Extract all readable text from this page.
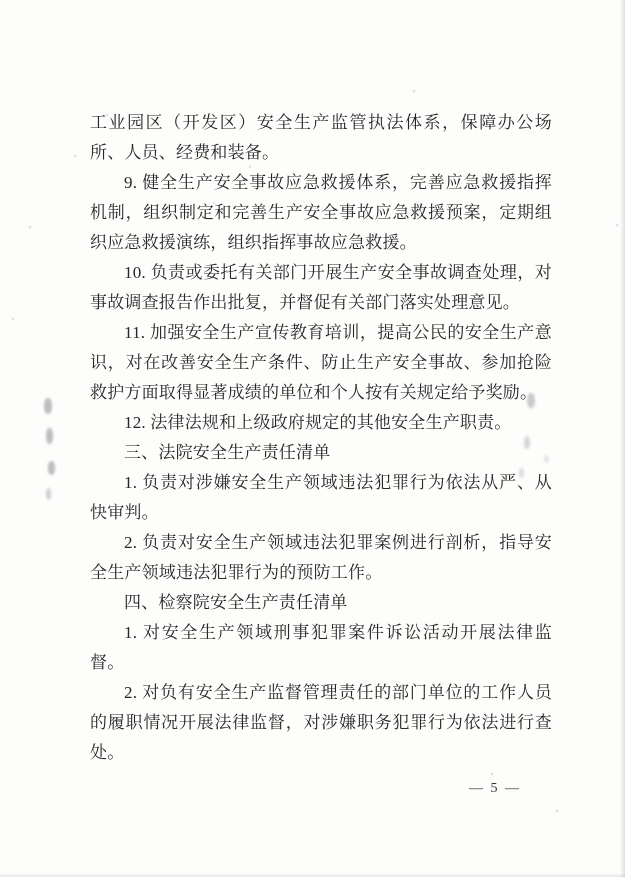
工业园区（开发区）安全生产监管执法体系，保障办公场所、人员、经费和装备。

9. 健全生产安全事故应急救援体系，完善应急救援指挥机制，组织制定和完善生产安全事故应急救援预案，定期组织应急救援演练，组织指挥事故应急救援。

10. 负责或委托有关部门开展生产安全事故调查处理，对事故调查报告作出批复，并督促有关部门落实处理意见。

11. 加强安全生产宣传教育培训，提高公民的安全生产意识，对在改善安全生产条件、防止生产安全事故、参加抢险救护方面取得显著成绩的单位和个人按有关规定给予奖励。

12. 法律法规和上级政府规定的其他安全生产职责。

三、法院安全生产责任清单

1. 负责对涉嫌安全生产领域违法犯罪行为依法从严、从快审判。

2. 负责对安全生产领域违法犯罪案例进行剖析，指导安全生产领域违法犯罪行为的预防工作。

四、检察院安全生产责任清单

1. 对安全生产领域刑事犯罪案件诉讼活动开展法律监督。

2. 对负有安全生产监督管理责任的部门单位的工作人员的履职情况开展法律监督，对涉嫌职务犯罪行为依法进行查处。

— 5 —
